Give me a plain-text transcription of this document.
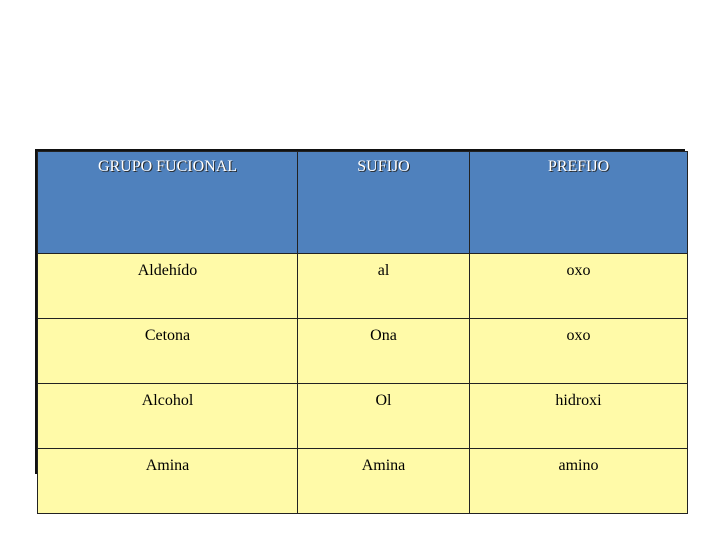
GRUPO FUCIONAL	SUFIJO	PREFIJO
Aldehído	al	oxo
Cetona	Ona	oxo
Alcohol	Ol	hidroxi
Amina	Amina	amino
